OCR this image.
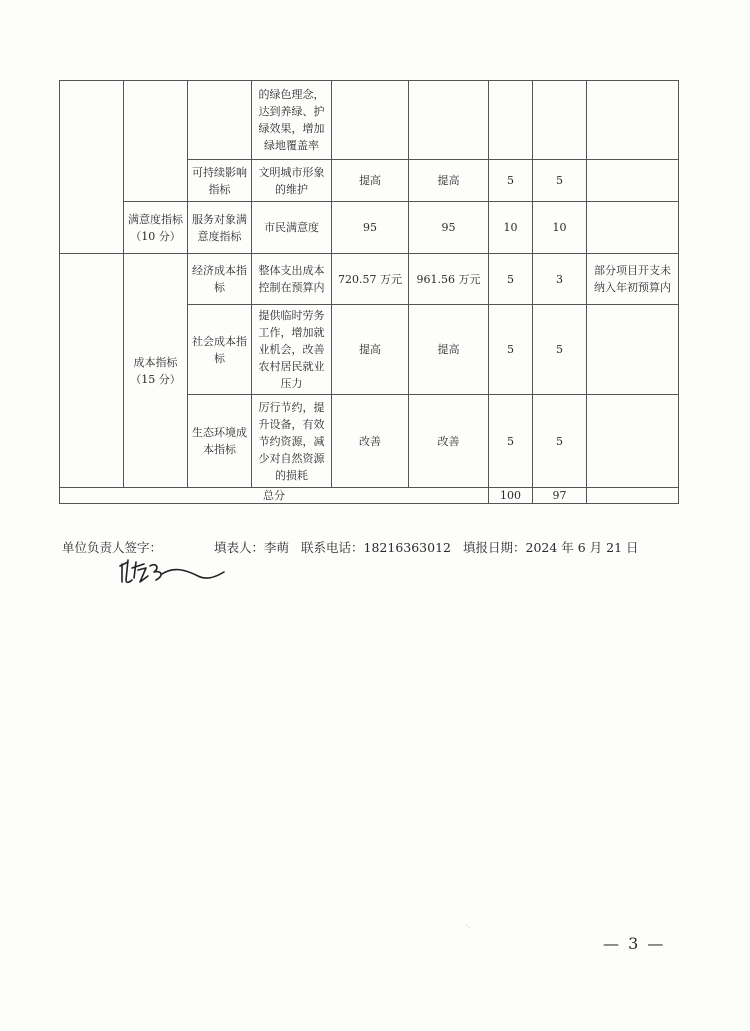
			的绿色理念，达到养绿、护绿效果，增加绿地覆盖率					
		可持续影响指标	文明城市形象的维护	提高	提高	5	5	
	满意度指标（10 分）	服务对象满意度指标	市民满意度	95	95	10	10	
	成本指标（15 分）	经济成本指标	整体支出成本控制在预算内	720.57 万元	961.56 万元	5	3	部分项目开支未纳入年初预算内
		社会成本指标	提供临时劳务工作，增加就业机会，改善农村居民就业压力	提高	提高	5	5	
		生态环境成本指标	厉行节约，提升设备，有效节约资源，减少对自然资源的损耗	改善	改善	5	5	
总分						100	97	
单位负责人签字：	填表人：李萌 联系电话：18216363012 填报日期：2024 年 6 月 21 日
·.
— 3 —
